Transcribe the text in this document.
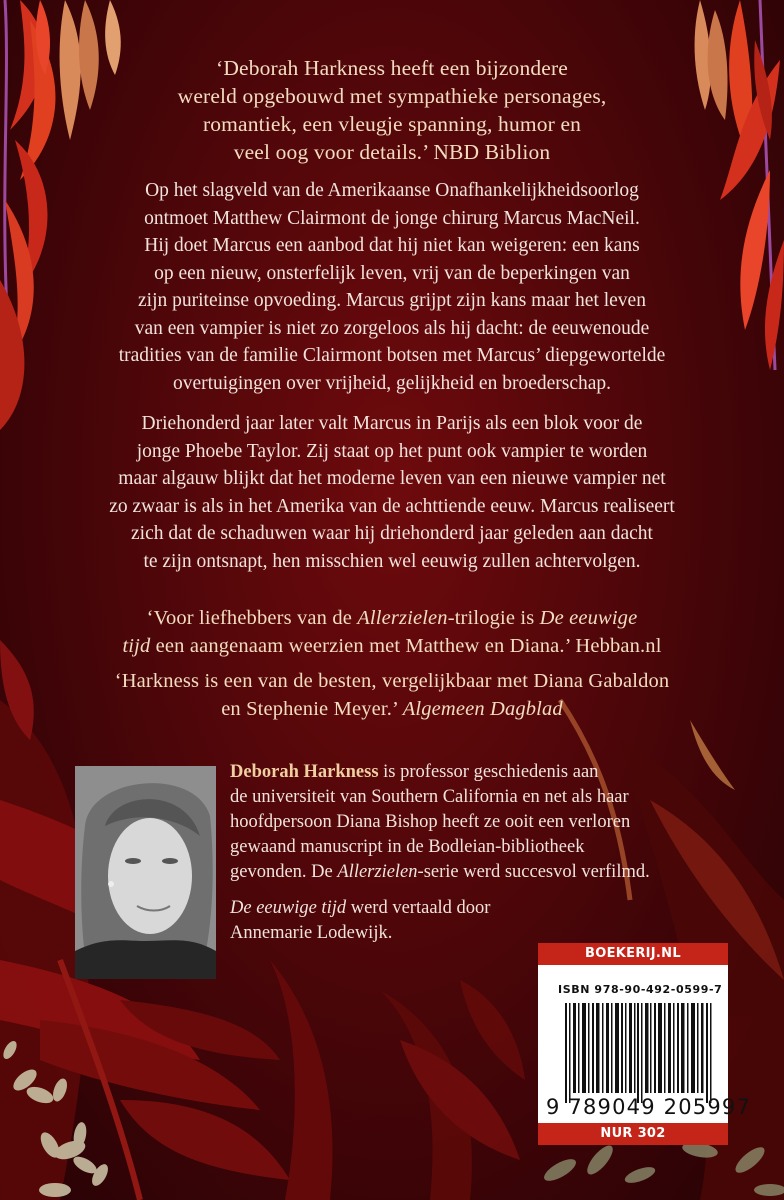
‘Deborah Harkness heeft een bijzondere
wereld opgebouwd met sympathieke personages,
romantiek, een vleugje spanning, humor en
veel oog voor details.’ NBD Biblion
Op het slagveld van de Amerikaanse Onafhankelijkheidsoorlog
ontmoet Matthew Clairmont de jonge chirurg Marcus MacNeil.
Hij doet Marcus een aanbod dat hij niet kan weigeren: een kans
op een nieuw, onsterfelijk leven, vrij van de beperkingen van
zijn puriteinse opvoeding. Marcus grijpt zijn kans maar het leven
van een vampier is niet zo zorgeloos als hij dacht: de eeuwenoude
tradities van de familie Clairmont botsen met Marcus’ diepgewortelde
overtuigingen over vrijheid, gelijkheid en broederschap.
Driehonderd jaar later valt Marcus in Parijs als een blok voor de
jonge Phoebe Taylor. Zij staat op het punt ook vampier te worden
maar algauw blijkt dat het moderne leven van een nieuwe vampier net
zo zwaar is als in het Amerika van de achttiende eeuw. Marcus realiseert
zich dat de schaduwen waar hij driehonderd jaar geleden aan dacht
te zijn ontsnapt, hen misschien wel eeuwig zullen achtervolgen.
‘Voor liefhebbers van de Allerzielen-trilogie is De eeuwige
tijd een aangenaam weerzien met Matthew en Diana.’ Hebban.nl
‘Harkness is een van de besten, vergelijkbaar met Diana Gabaldon
en Stephenie Meyer.’ Algemeen Dagblad
Deborah Harkness is professor geschiedenis aan
de universiteit van Southern California en net als haar
hoofdpersoon Diana Bishop heeft ze ooit een verloren
gewaand manuscript in de Bodleian-bibliotheek
gevonden. De Allerzielen-serie werd succesvol verfilmd.
De eeuwige tijd werd vertaald door
Annemarie Lodewijk.
BOEKERIJ.NL
ISBN 978-90-492-0599-7
9 789049 205997
NUR 302
